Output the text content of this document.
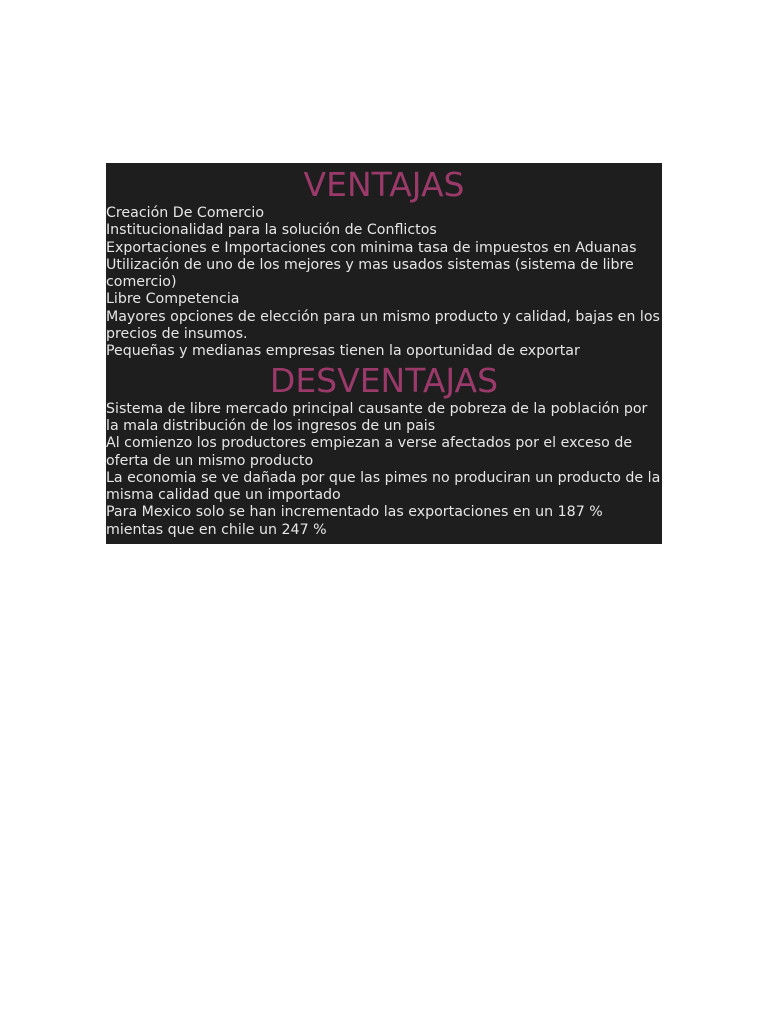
VENTAJAS
Creación De Comercio
Institucionalidad para la solución de Conflictos
Exportaciones e Importaciones con minima tasa de impuestos en Aduanas
Utilización de uno de los mejores y mas usados sistemas (sistema de libre comercio)
Libre Competencia
Mayores opciones de elección para un mismo producto y calidad, bajas en los precios de insumos.
Pequeñas y medianas empresas tienen la oportunidad de exportar
DESVENTAJAS
Sistema de libre mercado principal causante de pobreza de la población por la mala distribución de los ingresos de un pais
Al comienzo los productores empiezan a verse afectados por el exceso de oferta de un mismo producto
La economia se ve dañada por que las pimes no produciran un producto de la misma calidad que un importado
Para Mexico solo se han incrementado las exportaciones en un 187 % mientas que en chile un 247 %
